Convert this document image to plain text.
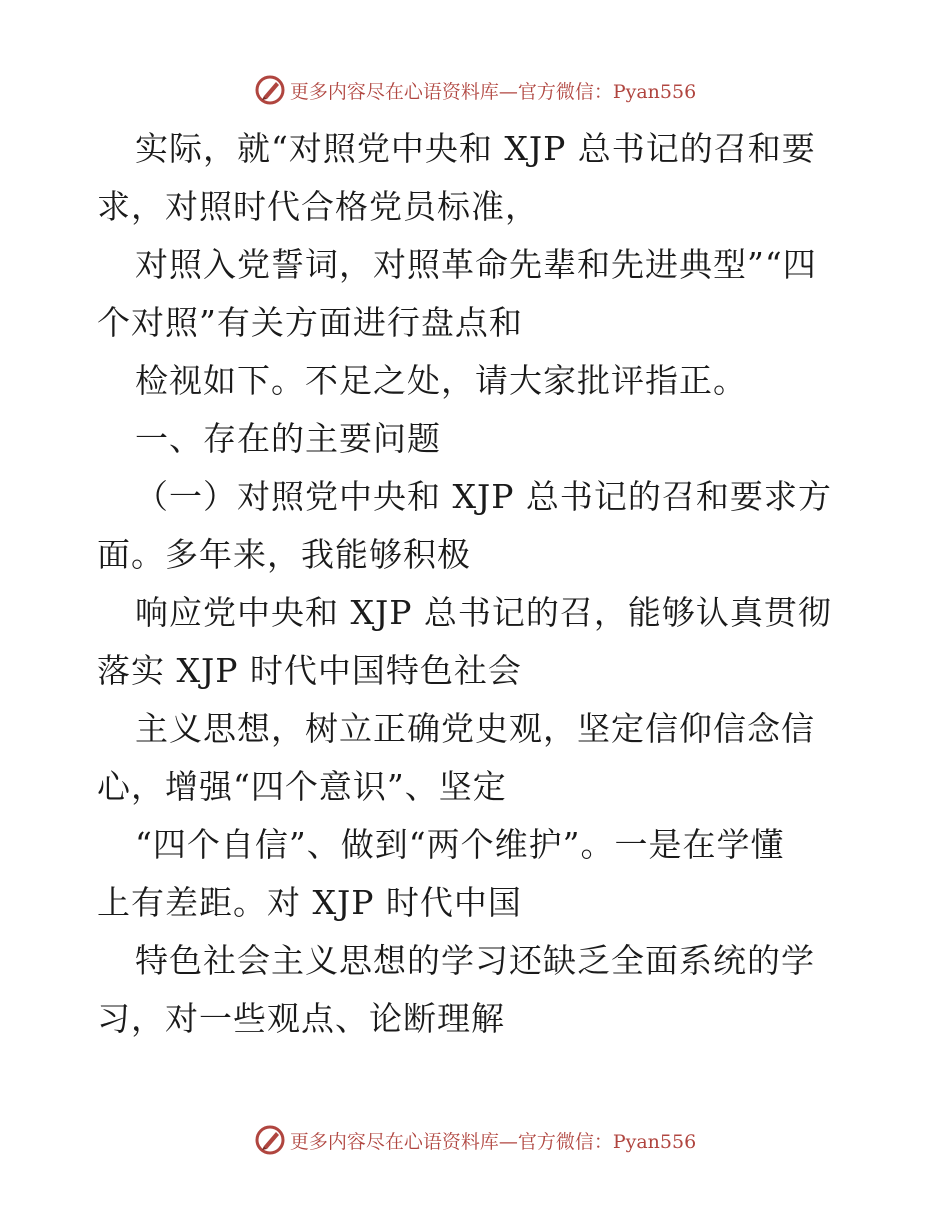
更多内容尽在心语资料库—官方微信：Pyan556
实际，就“对照党中央和 XJP 总书记的召和要
求，对照时代合格党员标准，
对照入党誓词，对照革命先辈和先进典型”“四
个对照”有关方面进行盘点和
检视如下。不足之处，请大家批评指正。
一、存在的主要问题
（一）对照党中央和 XJP 总书记的召和要求方
面。多年来，我能够积极
响应党中央和 XJP 总书记的召，能够认真贯彻
落实 XJP 时代中国特色社会
主义思想，树立正确党史观，坚定信仰信念信
心，增强“四个意识”、坚定
“四个自信”、做到“两个维护”。一是在学懂
上有差距。对 XJP 时代中国
特色社会主义思想的学习还缺乏全面系统的学
习，对一些观点、论断理解
更多内容尽在心语资料库—官方微信：Pyan556
